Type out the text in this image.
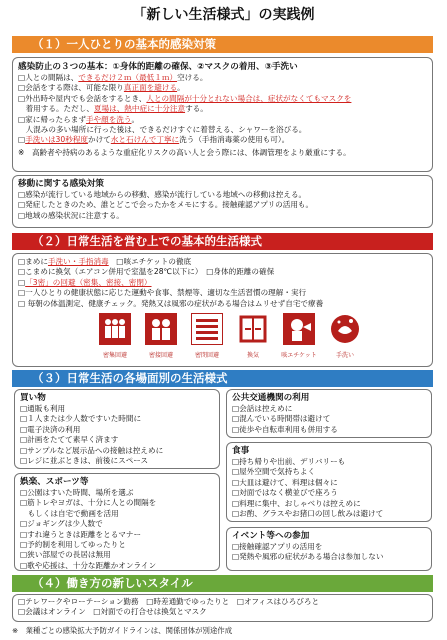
「新しい生活様式」の実践例
（１）一人ひとりの基本的感染対策
感染防止の３つの基本：①身体的距離の確保、②マスクの着用、③手洗い
□人との間隔は、できるだけ２ｍ（最低１ｍ）空ける。
□会話をする際は、可能な限り真正面を避ける。
□外出時や屋内でも会話をするとき、人との間隔が十分とれない場合は、症状がなくてもマスクを
　着用する。ただし、夏場は、熱中症に十分注意する。
□家に帰ったらまず手や顔を洗う。
　人混みの多い場所に行った後は、できるだけすぐに着替える、シャワーを浴びる。
□手洗いは30秒程度かけて水と石けんで丁寧に洗う（手指消毒薬の使用も可）。
※　高齢者や持病のあるような重症化リスクの高い人と会う際には、体調管理をより厳重にする。
移動に関する感染対策
□感染が流行している地域からの移動、感染が流行している地域への移動は控える。
□発症したときのため、誰とどこで会ったかをメモにする。接触確認アプリの活用も。
□地域の感染状況に注意する。
（２）日常生活を営む上での基本的生活様式
□まめに手洗い・手指消毒　□咳エチケットの徹底
□こまめに換気（エアコン併用で室温を28℃以下に）　□身体的距離の確保
□「3密」の回避（密集、密接、密閉）
□一人ひとりの健康状態に応じた運動や食事、禁煙等、適切な生活習慣の理解・実行
□ 毎朝の体温測定、健康チェック。発熱又は風邪の症状がある場合はムリせず自宅で療養
密集回避	密接回避	密閉回避	換気	咳エチケット	手洗い
（３）日常生活の各場面別の生活様式
買い物
□通販も利用
□１人または少人数ですいた時間に
□電子決済の利用
□計画をたてて素早く済ます
□サンプルなど展示品への接触は控えめに
□レジに並ぶときは、前後にスペース
娯楽、スポーツ等
□公園はすいた時間、場所を選ぶ
□筋トレやヨガは、十分に人との間隔を
　もしくは自宅で動画を活用
□ジョギングは少人数で
□すれ違うときは距離をとるマナー
□予約制を利用してゆったりと
□狭い部屋での長居は無用
□歌や応援は、十分な距離かオンライン
公共交通機関の利用
□会話は控えめに
□混んでいる時間帯は避けて
□徒歩や自転車利用も併用する
食事
□持ち帰りや出前、デリバリーも
□屋外空間で気持ちよく
□大皿は避けて、料理は個々に
□対面ではなく横並びで座ろう
□料理に集中、おしゃべりは控えめに
□お酌、グラスやお猪口の回し飲みは避けて
イベント等への参加
□接触確認アプリの活用を
□発熱や風邪の症状がある場合は参加しない
（４）働き方の新しいスタイル
□テレワークやローテーション勤務　□時差通勤でゆったりと　□オフィスはひろびろと
□会議はオンライン　□対面での打合せは換気とマスク
※　業種ごとの感染拡大予防ガイドラインは、関係団体が別途作成
